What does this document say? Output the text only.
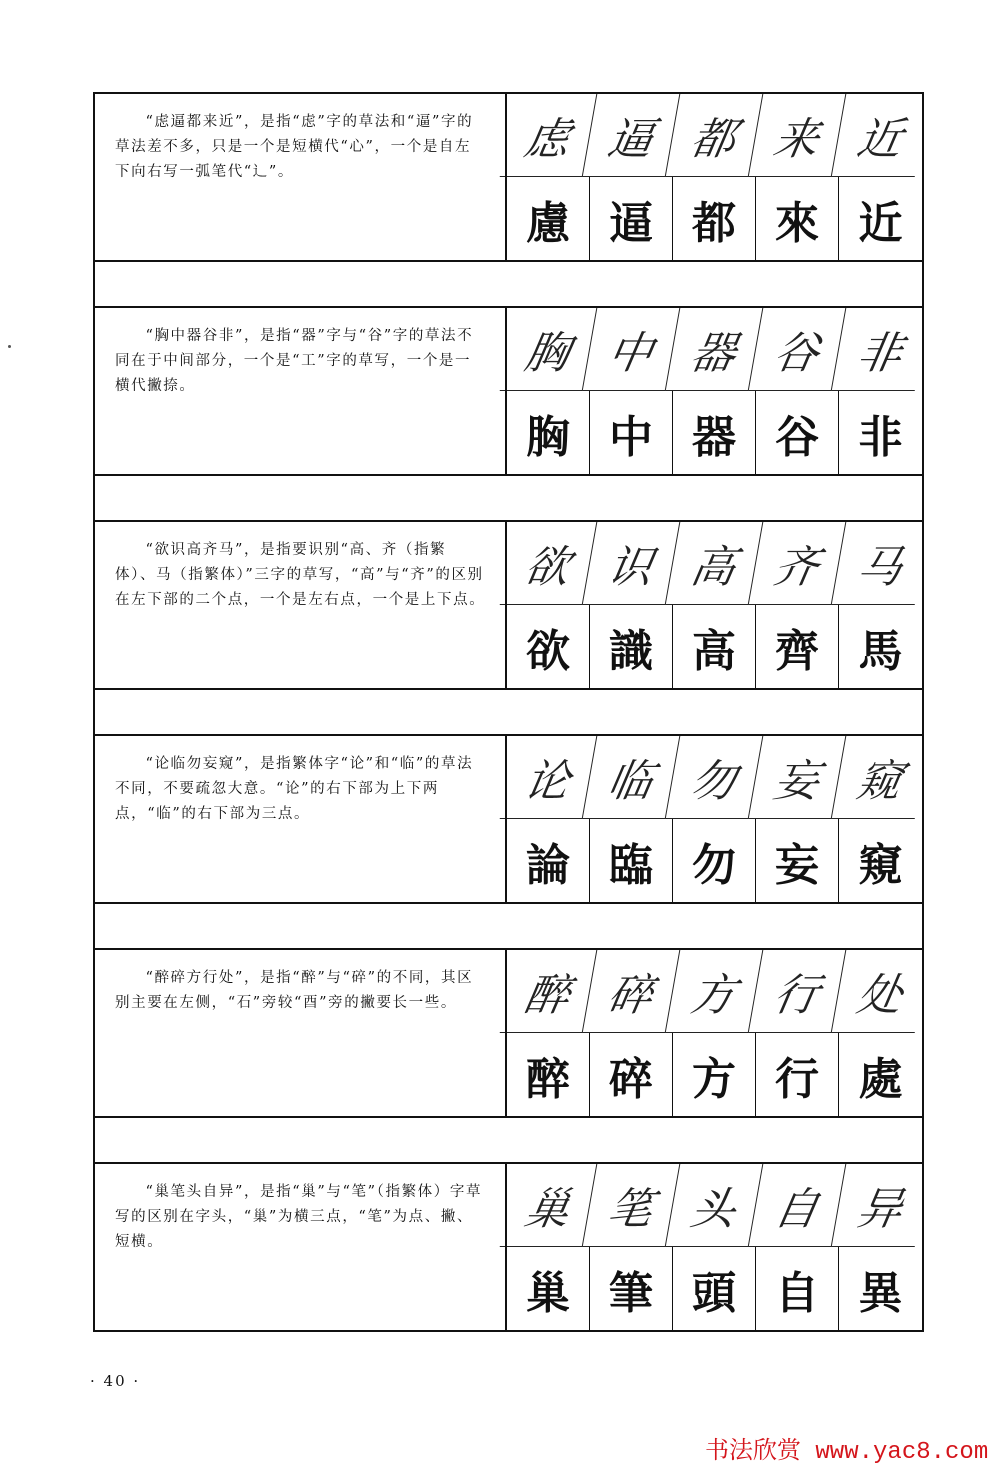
“虑逼都来近”，是指“虑”字的草法和“逼”字的草法差不多，只是一个是短横代“心”，一个是自左下向右写一弧笔代“辶”。

虑 逼 都 来 近
慮 逼 都 來 近

“胸中器谷非”，是指“器”字与“谷”字的草法不同在于中间部分，一个是“工”字的草写，一个是一横代撇捺。

胸 中 器 谷 非
胸 中 器 谷 非

“欲识高齐马”，是指要识别“高、齐（指繁体）、马（指繁体）”三字的草写，“高”与“齐”的区别在左下部的二个点，一个是左右点，一个是上下点。

欲 识 高 齐 马
欲 識 高 齊 馬

“论临勿妄窥”，是指繁体字“论”和“临”的草法不同，不要疏忽大意。“论”的右下部为上下两点，“临”的右下部为三点。

论 临 勿 妄 窥
論 臨 勿 妄 窺

“醉碎方行处”，是指“醉”与“碎”的不同，其区别主要在左侧，“石”旁较“酉”旁的撇要长一些。	醉 碎 方 行 处
醉 碎 方 行 處

“巢笔头自异”，是指“巢”与“笔”（指繁体）字草写的区别在字头，“巢”为横三点，“笔”为点、撇、短横。

巢 笔 头 自 异
巢 筆 頭 自 異
· 40 ·
书法欣赏 www.yac8.com
